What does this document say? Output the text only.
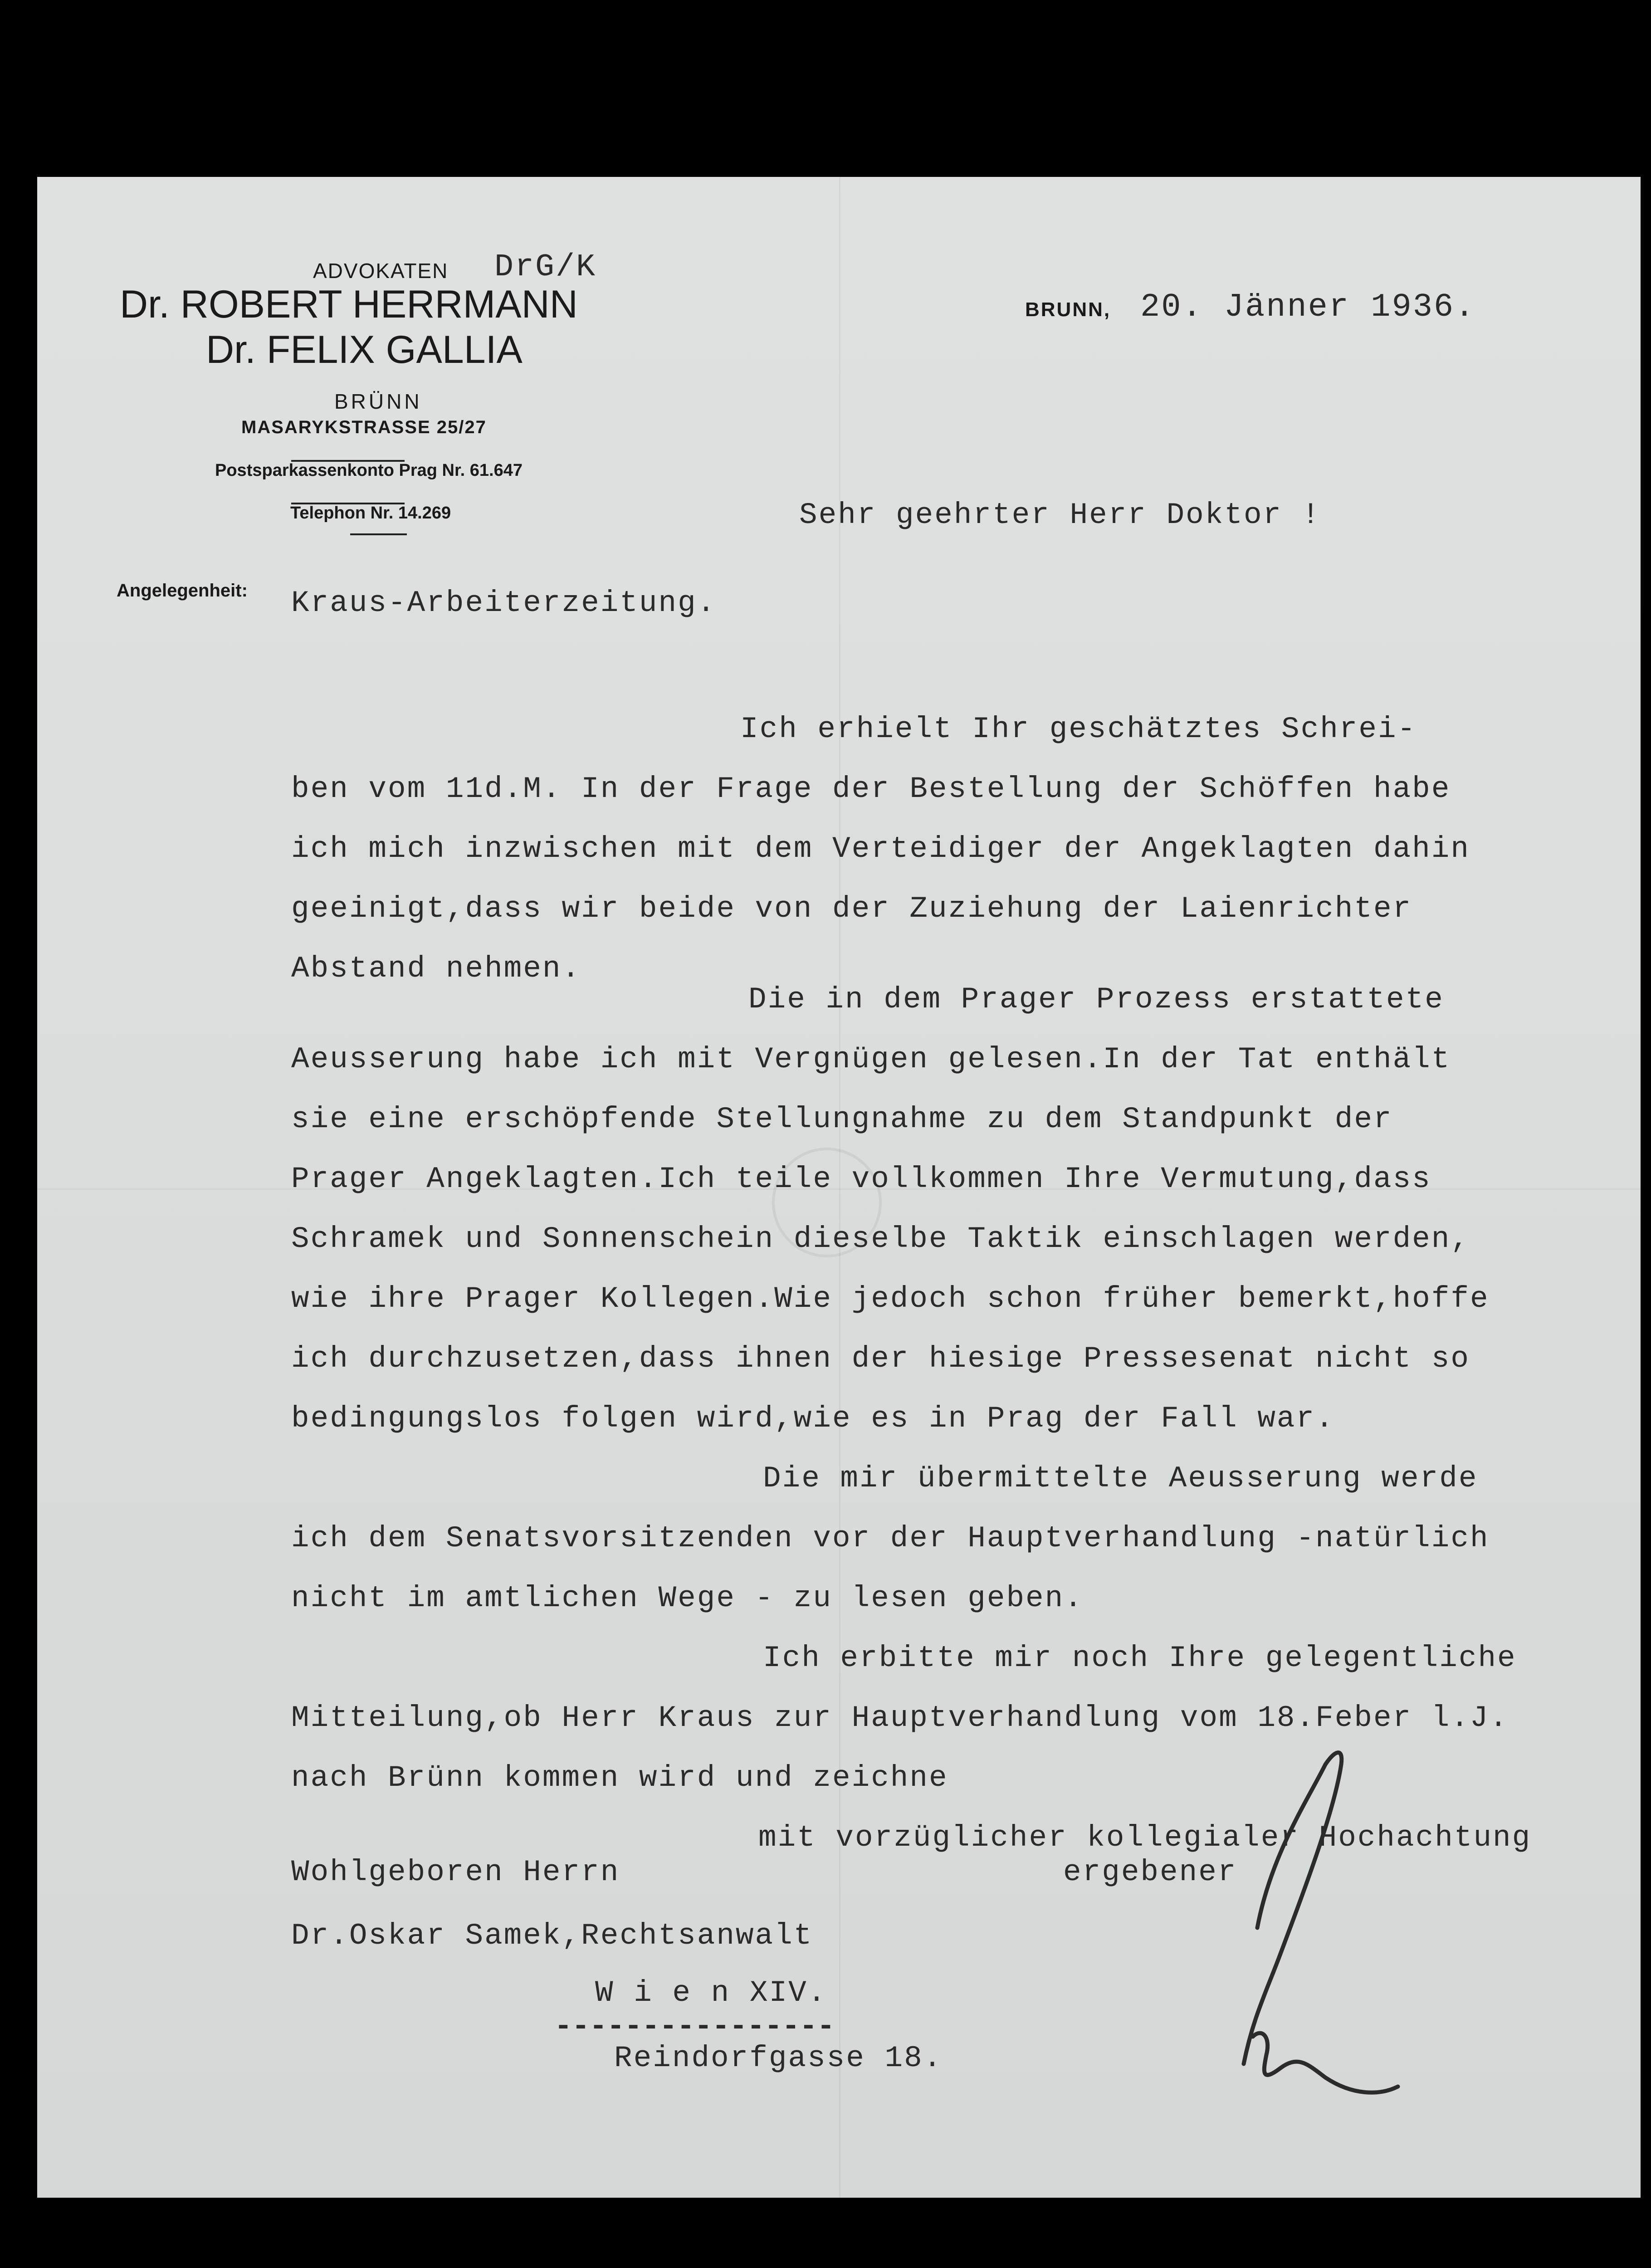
ADVOKATEN DrG/K
Dr. ROBERT HERRMANN
Dr. FELIX GALLIA
BRÜNN
MASARYKSTRASSE 25/27
Postsparkassenkonto Prag Nr. 61.647
Telephon Nr. 14.269
BRUNN, 20. Jänner 1936.
Sehr geehrter Herr Doktor !
Angelegenheit: Kraus-Arbeiterzeitung.
Ich erhielt Ihr geschätztes Schrei-
ben vom 11d.M. In der Frage der Bestellung der Schöffen habe
ich mich inzwischen mit dem Verteidiger der Angeklagten dahin
geeinigt,dass wir beide von der Zuziehung der Laienrichter
Abstand nehmen.
Die in dem Prager Prozess erstattete
Aeusserung habe ich mit Vergnügen gelesen.In der Tat enthält
sie eine erschöpfende Stellungnahme zu dem Standpunkt der
Prager Angeklagten.Ich teile vollkommen Ihre Vermutung,dass
Schramek und Sonnenschein dieselbe Taktik einschlagen werden,
wie ihre Prager Kollegen.Wie jedoch schon früher bemerkt,hoffe
ich durchzusetzen,dass ihnen der hiesige Pressesenat nicht so
bedingungslos folgen wird,wie es in Prag der Fall war.
Die mir übermittelte Aeusserung werde
ich dem Senatsvorsitzenden vor der Hauptverhandlung -natürlich
nicht im amtlichen Wege - zu lesen geben.
Ich erbitte mir noch Ihre gelegentliche
Mitteilung,ob Herr Kraus zur Hauptverhandlung vom 18.Feber l.J.
nach Brünn kommen wird und zeichne
mit vorzüglicher kollegialer Hochachtung
ergebener
Wohlgeboren Herrn
Dr.Oskar Samek,Rechtsanwalt
W i e n XIV.
----------------
Reindorfgasse 18.
